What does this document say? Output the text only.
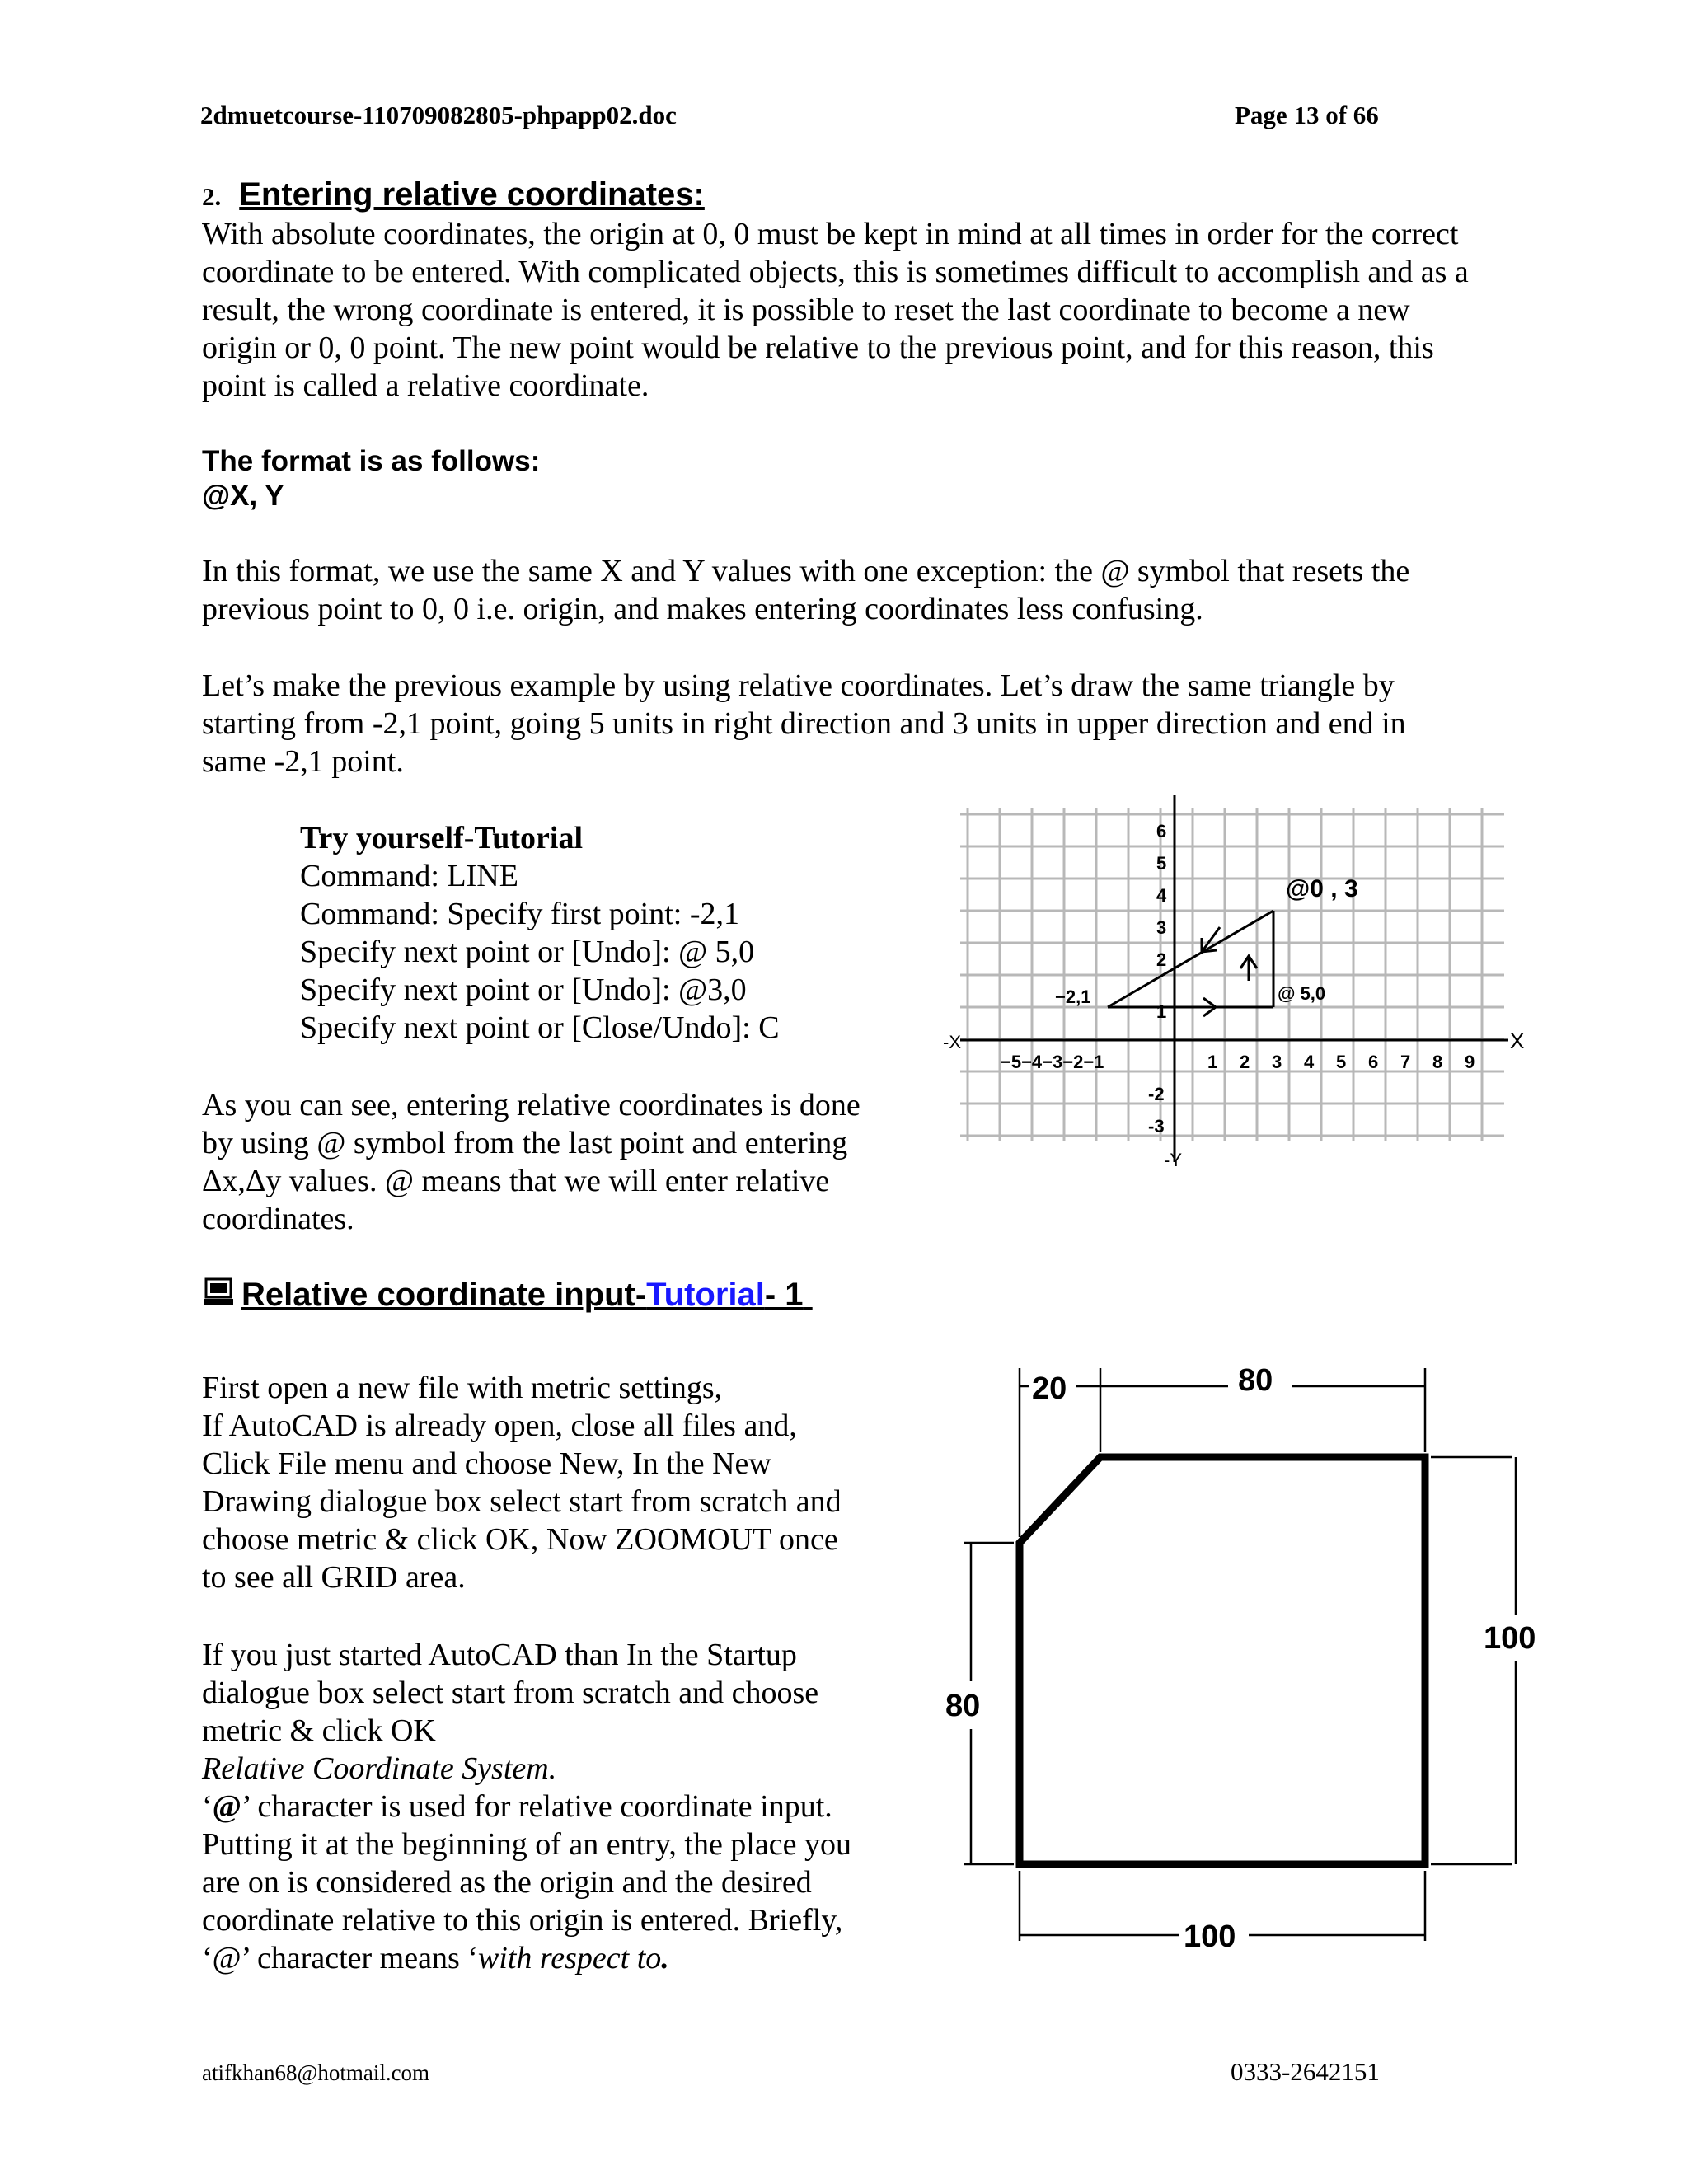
2dmuetcourse-110709082805-phpapp02.doc	Page 13 of 66
2. Entering relative coordinates:
With absolute coordinates, the origin at 0, 0 must be kept in mind at all times in order for the correct
coordinate to be entered. With complicated objects, this is sometimes difficult to accomplish and as a
result, the wrong coordinate is entered, it is possible to reset the last coordinate to become a new
origin or 0, 0 point. The new point would be relative to the previous point, and for this reason, this
point is called a relative coordinate.
The format is as follows:
@X, Y
In this format, we use the same X and Y values with one exception: the @ symbol that resets the
previous point to 0, 0 i.e. origin, and makes entering coordinates less confusing.
Let’s make the previous example by using relative coordinates. Let’s draw the same triangle by
starting from -2,1 point, going 5 units in right direction and 3 units in upper direction and end in
same -2,1 point.
Try yourself-Tutorial
Command: LINE
Command: Specify first point: -2,1
Specify next point or [Undo]: @ 5,0
Specify next point or [Undo]: @3,0
Specify next point or [Close/Undo]: C
As you can see, entering relative coordinates is done
by using @ symbol from the last point and entering
Δx,Δy values. @ means that we will enter relative
coordinates.
6
5
4
3
2
1
-2
-3
−5−4−3−2−1	1 2 3 4 5 6 7 8 9
−2,1	@ 5,0
@0 , 3
X
-X
-Y
Relative coordinate input-Tutorial- 1
First open a new file with metric settings,
If AutoCAD is already open, close all files and,
Click File menu and choose New, In the New
Drawing dialogue box select start from scratch and
choose metric & click OK, Now ZOOMOUT once
to see all GRID area.
If you just started AutoCAD than In the Startup
dialogue box select start from scratch and choose
metric & click OK
Relative Coordinate System.
‘@’ character is used for relative coordinate input.
Putting it at the beginning of an entry, the place you
are on is considered as the origin and the desired
coordinate relative to this origin is entered. Briefly,
‘@’ character means ‘with respect to.
20	80
100
80
100
atifkhan68@hotmail.com	0333-2642151
